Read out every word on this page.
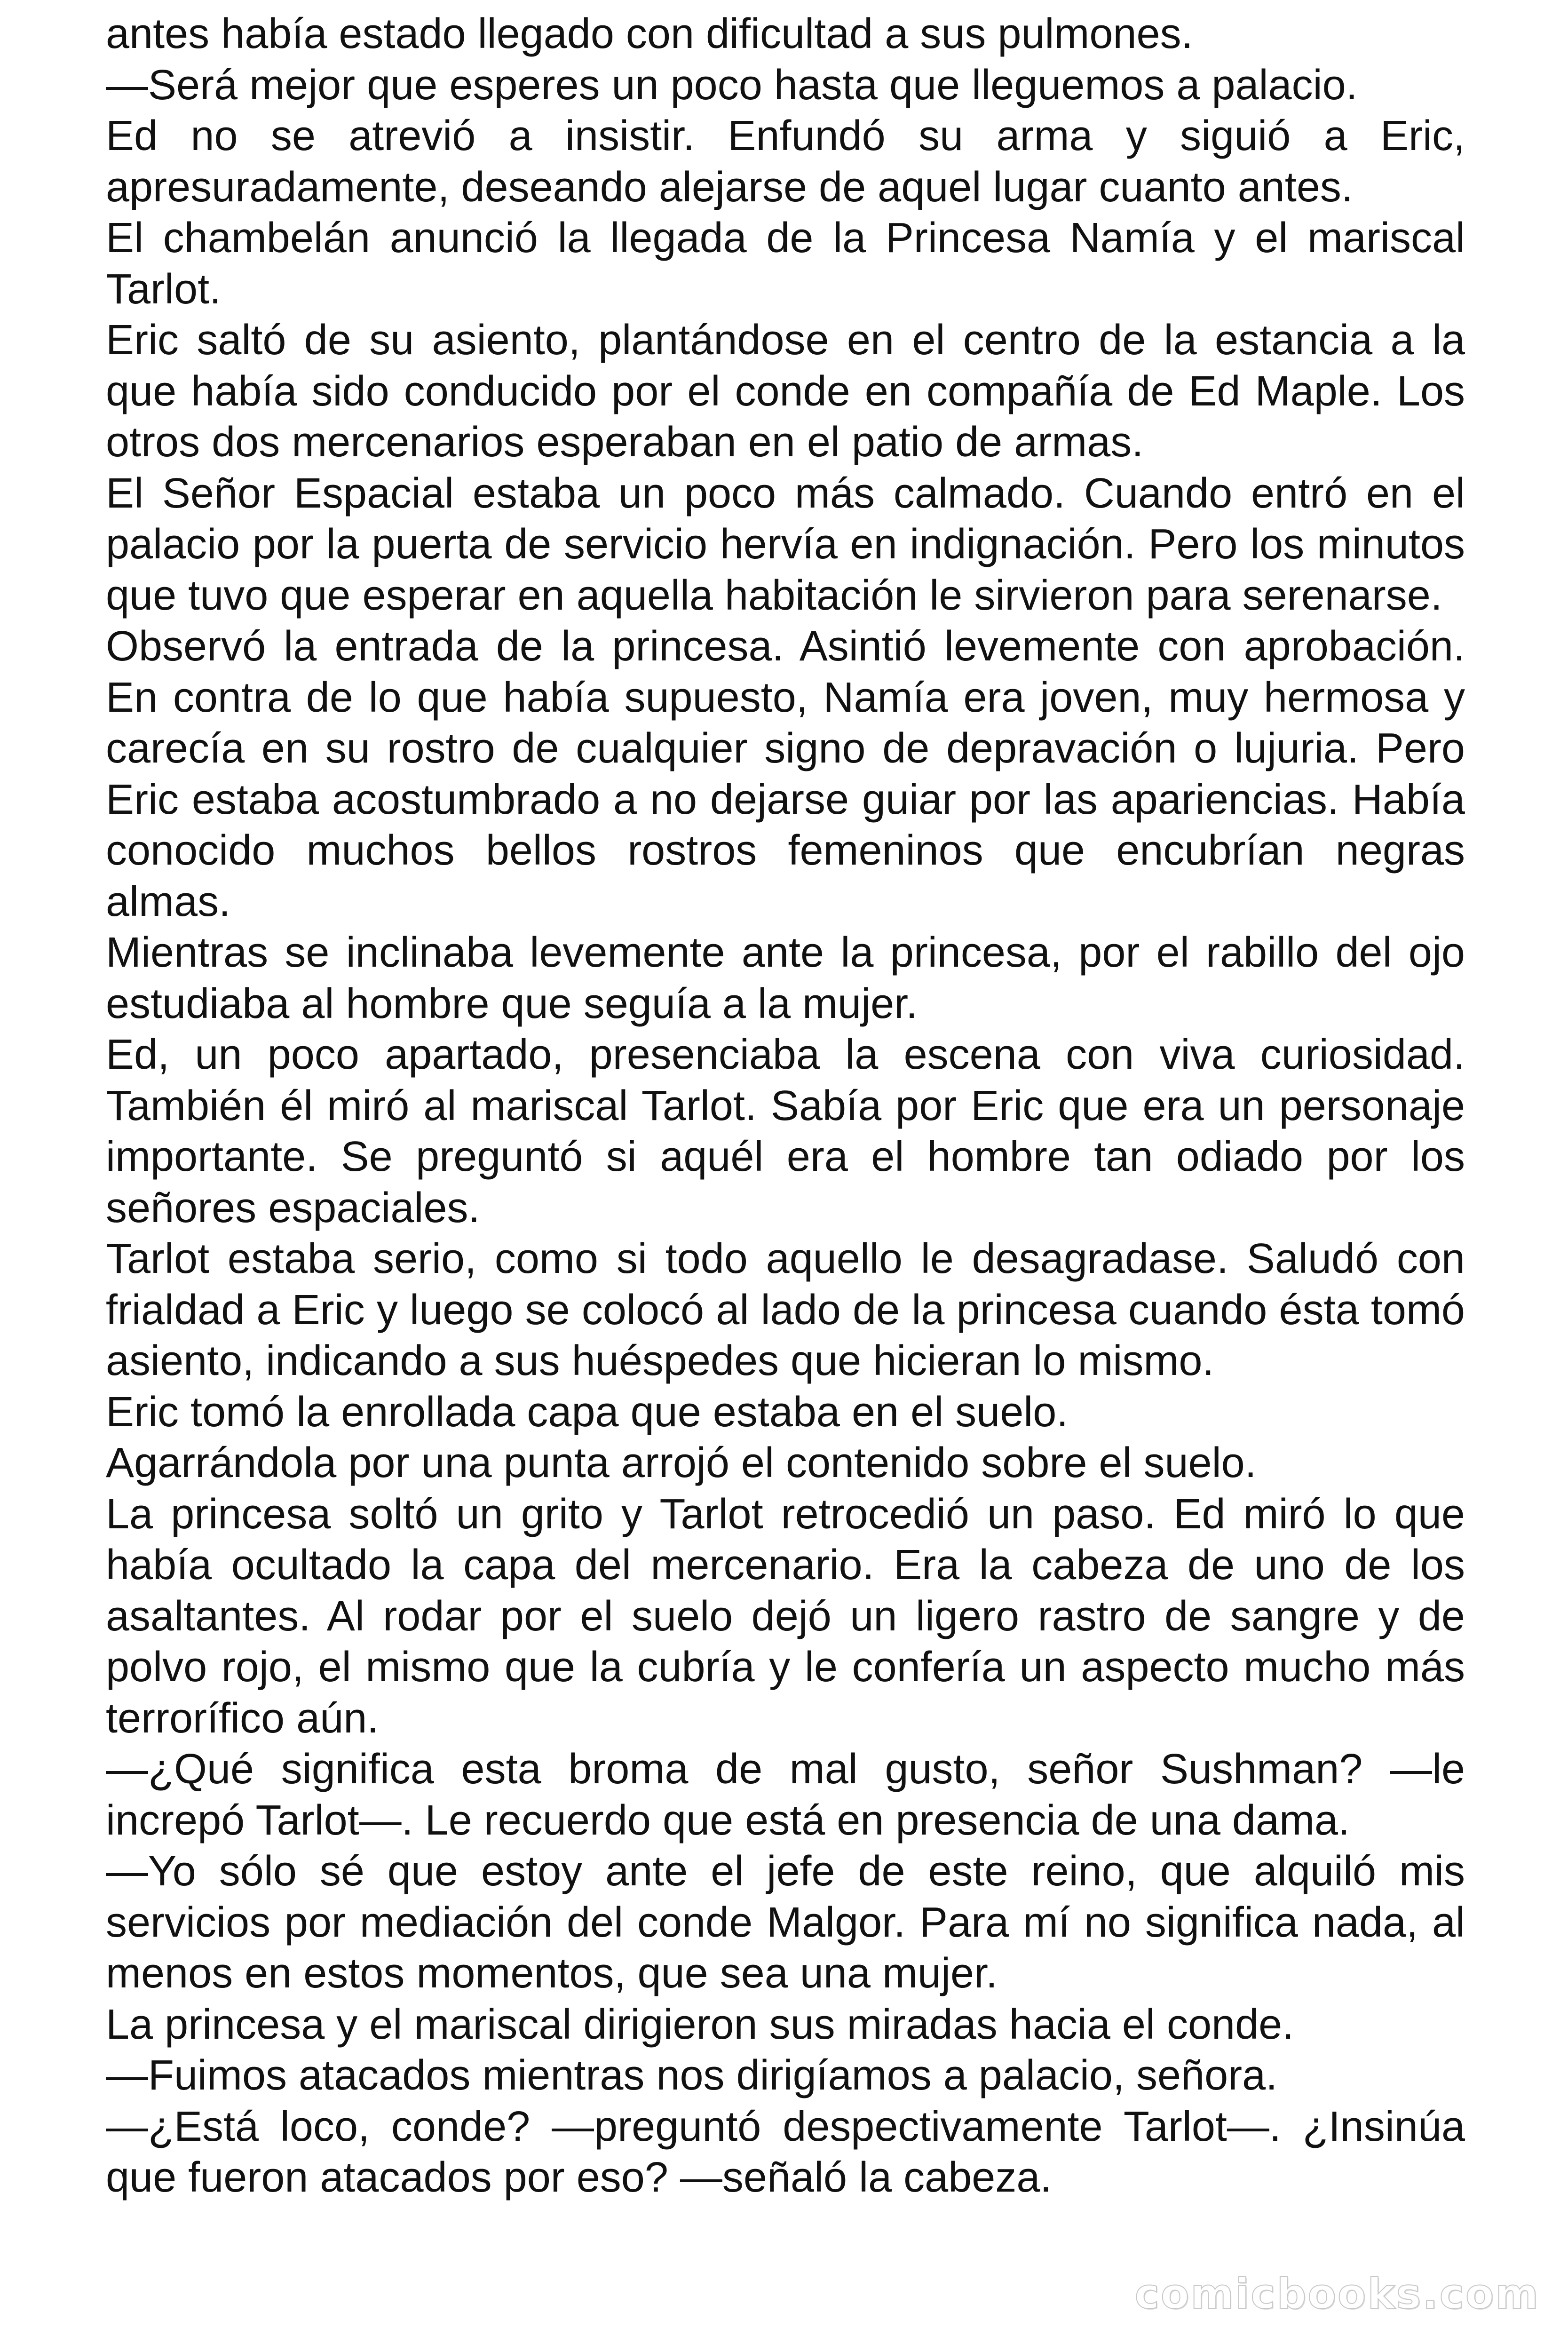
antes había estado llegado con dificultad a sus pulmones.

—Será mejor que esperes un poco hasta que lleguemos a palacio.

Ed no se atrevió a insistir. Enfundó su arma y siguió a Eric, apresuradamente, deseando alejarse de aquel lugar cuanto antes.

El chambelán anunció la llegada de la Princesa Namía y el mariscal Tarlot.

Eric saltó de su asiento, plantándose en el centro de la estancia a la que había sido conducido por el conde en compañía de Ed Maple. Los otros dos mercenarios esperaban en el patio de armas.

El Señor Espacial estaba un poco más calmado. Cuando entró en el palacio por la puerta de servicio hervía en indignación. Pero los minutos que tuvo que esperar en aquella habitación le sirvieron para serenarse.

Observó la entrada de la princesa. Asintió levemente con aprobación. En contra de lo que había supuesto, Namía era joven, muy hermosa y carecía en su rostro de cualquier signo de depravación o lujuria. Pero Eric estaba acostumbrado a no dejarse guiar por las apariencias. Había conocido muchos bellos rostros femeninos que encubrían negras almas.

Mientras se inclinaba levemente ante la princesa, por el rabillo del ojo estudiaba al hombre que seguía a la mujer.

Ed, un poco apartado, presenciaba la escena con viva curiosidad. También él miró al mariscal Tarlot. Sabía por Eric que era un personaje importante. Se preguntó si aquél era el hombre tan odiado por los señores espaciales.

Tarlot estaba serio, como si todo aquello le desagradase. Saludó con frialdad a Eric y luego se colocó al lado de la princesa cuando ésta tomó asiento, indicando a sus huéspedes que hicieran lo mismo.

Eric tomó la enrollada capa que estaba en el suelo.

Agarrándola por una punta arrojó el contenido sobre el suelo.

La princesa soltó un grito y Tarlot retrocedió un paso. Ed miró lo que había ocultado la capa del mercenario. Era la cabeza de uno de los asaltantes. Al rodar por el suelo dejó un ligero rastro de sangre y de polvo rojo, el mismo que la cubría y le confería un aspecto mucho más terrorífico aún.

—¿Qué significa esta broma de mal gusto, señor Sushman? —le increpó Tarlot—. Le recuerdo que está en presencia de una dama.

—Yo sólo sé que estoy ante el jefe de este reino, que alquiló mis servicios por mediación del conde Malgor. Para mí no significa nada, al menos en estos momentos, que sea una mujer.

La princesa y el mariscal dirigieron sus miradas hacia el conde.

—Fuimos atacados mientras nos dirigíamos a palacio, señora.

—¿Está loco, conde? —preguntó despectivamente Tarlot—. ¿Insinúa que fueron atacados por eso? —señaló la cabeza.

comicbooks.com
